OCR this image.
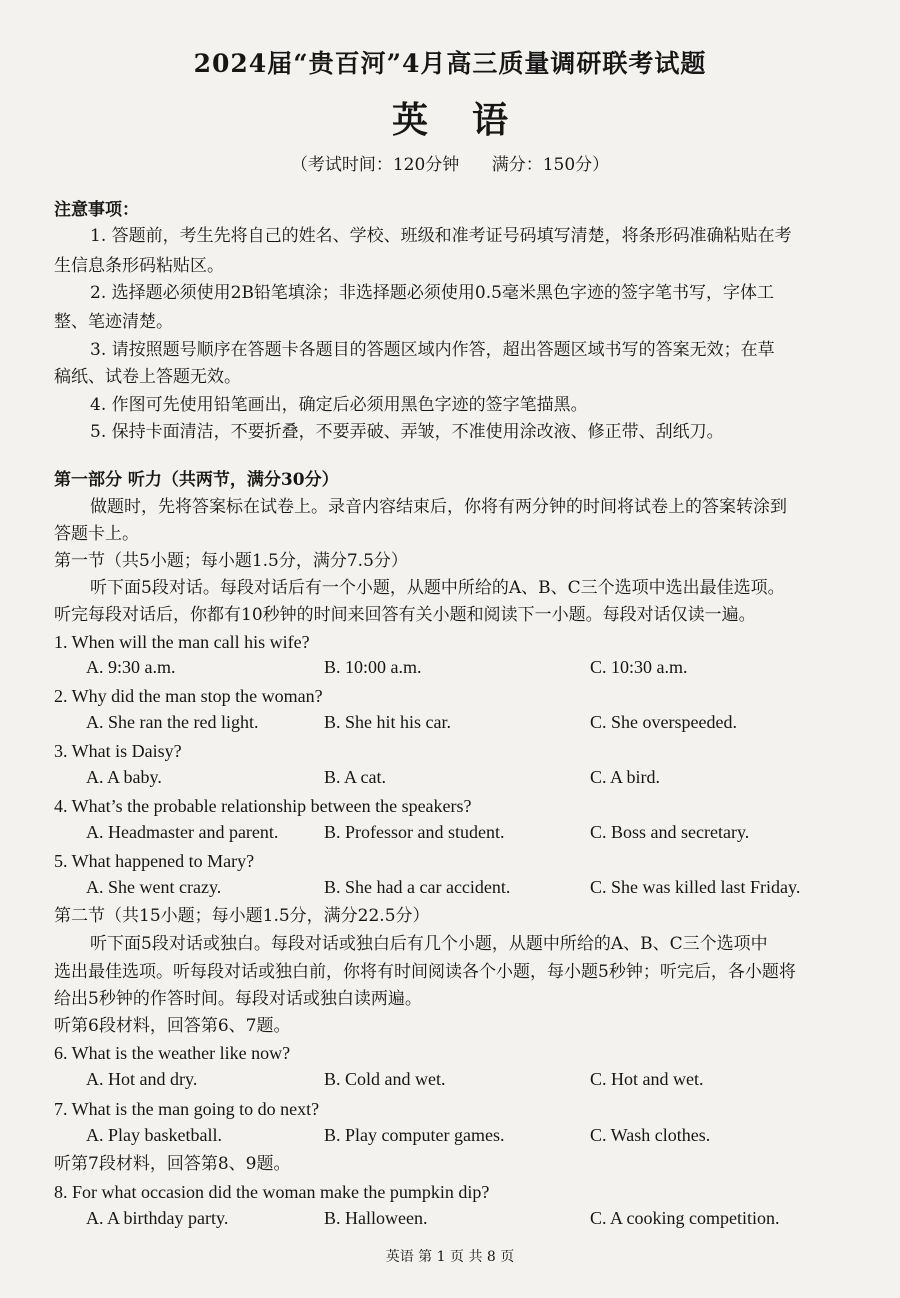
2024届“贵百河”4月高三质量调研联考试题
英语
（考试时间：120分钟      满分：150分）
注意事项：
1. 答题前，考生先将自己的姓名、学校、班级和准考证号码填写清楚，将条形码准确粘贴在考
生信息条形码粘贴区。
2. 选择题必须使用2B铅笔填涂；非选择题必须使用0.5毫米黑色字迹的签字笔书写，字体工
整、笔迹清楚。
3. 请按照题号顺序在答题卡各题目的答题区域内作答，超出答题区域书写的答案无效；在草
稿纸、试卷上答题无效。
4. 作图可先使用铅笔画出，确定后必须用黑色字迹的签字笔描黑。
5. 保持卡面清洁，不要折叠，不要弄破、弄皱，不准使用涂改液、修正带、刮纸刀。
第一部分 听力（共两节，满分30分）
做题时，先将答案标在试卷上。录音内容结束后，你将有两分钟的时间将试卷上的答案转涂到
答题卡上。
第一节（共5小题；每小题1.5分，满分7.5分）
听下面5段对话。每段对话后有一个小题，从题中所给的A、B、C三个选项中选出最佳选项。
听完每段对话后，你都有10秒钟的时间来回答有关小题和阅读下一小题。每段对话仅读一遍。
1. When will the man call his wife?
A. 9:30 a.m.	B. 10:00 a.m.	C. 10:30 a.m.
2. Why did the man stop the woman?
A. She ran the red light.	B. She hit his car.	C. She overspeeded.
3. What is Daisy?
A. A baby.	B. A cat.	C. A bird.
4. What’s the probable relationship between the speakers?
A. Headmaster and parent.	B. Professor and student.	C. Boss and secretary.
5. What happened to Mary?
A. She went crazy.	B. She had a car accident.	C. She was killed last Friday.
第二节（共15小题；每小题1.5分，满分22.5分）
听下面5段对话或独白。每段对话或独白后有几个小题，从题中所给的A、B、C三个选项中
选出最佳选项。听每段对话或独白前，你将有时间阅读各个小题，每小题5秒钟；听完后，各小题将
给出5秒钟的作答时间。每段对话或独白读两遍。
听第6段材料，回答第6、7题。
6. What is the weather like now?
A. Hot and dry.	B. Cold and wet.	C. Hot and wet.
7. What is the man going to do next?
A. Play basketball.	B. Play computer games.	C. Wash clothes.
听第7段材料，回答第8、9题。
8. For what occasion did the woman make the pumpkin dip?
A. A birthday party.	B. Halloween.	C. A cooking competition.
英语 第 1 页 共 8 页
